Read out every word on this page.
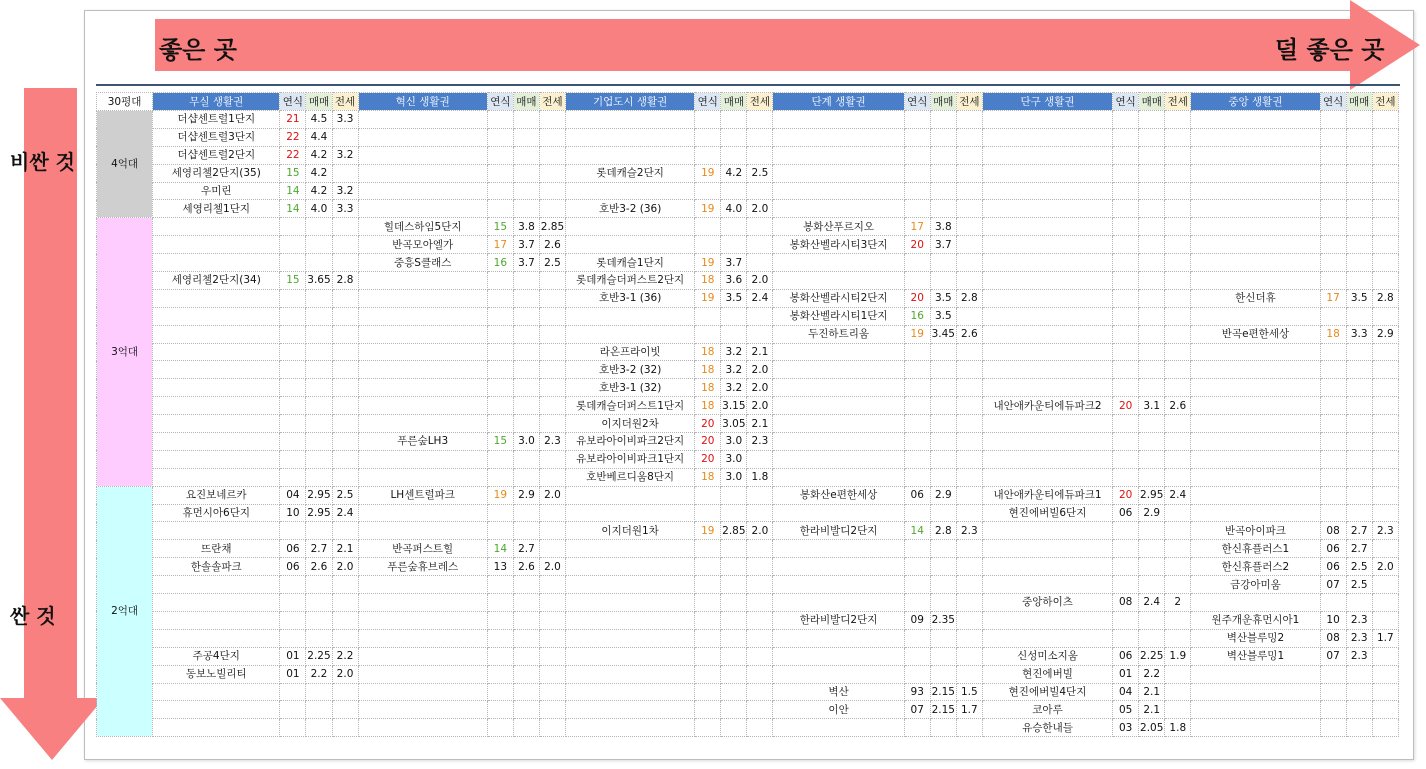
좋은 곳	덜 좋은 곳
비싼 것
싼 것
30평대	무실 생활권	연식	매매	전세	혁신 생활권	연식	매매	전세	기업도시 생활권	연식	매매	전세	단계 생활권	연식	매매	전세	단구 생활권	연식	매매	전세	중앙 생활권	연식	매매	전세
4억대	더샵센트럴1단지	21	4.5	3.3																				
	더샵센트럴3단지	22	4.4																					
	더샵센트럴2단지	22	4.2	3.2																				
	세영리첼2단지(35)	15	4.2						롯데캐슬2단지	19	4.2	2.5												
	우미린	14	4.2	3.2																				
	세영리첼1단지	14	4.0	3.3					호반3-2 (36)	19	4.0	2.0												
3억대					힐데스하임5단지	15	3.8	2.85					봉화산푸르지오	17	3.8									
					반곡모아엘가	17	3.7	2.6					봉화산벨라시티3단지	20	3.7									
					중흥S클래스	16	3.7	2.5	롯데캐슬1단지	19	3.7													
	세영리첼2단지(34)	15	3.65	2.8					롯데캐슬더퍼스트2단지	18	3.6	2.0												
									호반3-1 (36)	19	3.5	2.4	봉화산벨라시티2단지	20	3.5	2.8					한신더휴	17	3.5	2.8
													봉화산벨라시티1단지	16	3.5									
													두진하트리움	19	3.45	2.6					반곡e편한세상	18	3.3	2.9
									라온프라이빗	18	3.2	2.1												
									호반3-2 (32)	18	3.2	2.0												
									호반3-1 (32)	18	3.2	2.0												
									롯데캐슬더퍼스트1단지	18	3.15	2.0					내안애카운티에듀파크2	20	3.1	2.6				
									이지더원2차	20	3.05	2.1												
					푸른숲LH3	15	3.0	2.3	유보라아이비파크2단지	20	3.0	2.3												
									유보라아이비파크1단지	20	3.0													
									호반베르디움8단지	18	3.0	1.8												
2억대	요진보네르카	04	2.95	2.5	LH센트럴파크	19	2.9	2.0					봉화산e편한세상	06	2.9		내안애카운티에듀파크1	20	2.95	2.4				
	휴먼시아6단지	10	2.95	2.4													현진에버빌6단지	06	2.9					
									이지더원1차	19	2.85	2.0	한라비발디2단지	14	2.8	2.3					반곡아이파크	08	2.7	2.3
	뜨란채	06	2.7	2.1	반곡퍼스트힐	14	2.7														한신휴플러스1	06	2.7	
	한솔솔파크	06	2.6	2.0	푸른숲휴브레스	13	2.6	2.0													한신휴플러스2	06	2.5	2.0
																					금강아미움	07	2.5	
																	중앙하이츠	08	2.4	2				
													한라비발디2단지	09	2.35						원주개운휴먼시아1	10	2.3	
																					벽산블루밍2	08	2.3	1.7
	주공4단지	01	2.25	2.2													신성미소지움	06	2.25	1.9	벽산블루밍1	07	2.3	
	동보노빌리티	01	2.2	2.0													현진에버빌	01	2.2					
													벽산	93	2.15	1.5	현진에버빌4단지	04	2.1					
													이안	07	2.15	1.7	코아루	05	2.1					
																	유승한내들	03	2.05	1.8				
